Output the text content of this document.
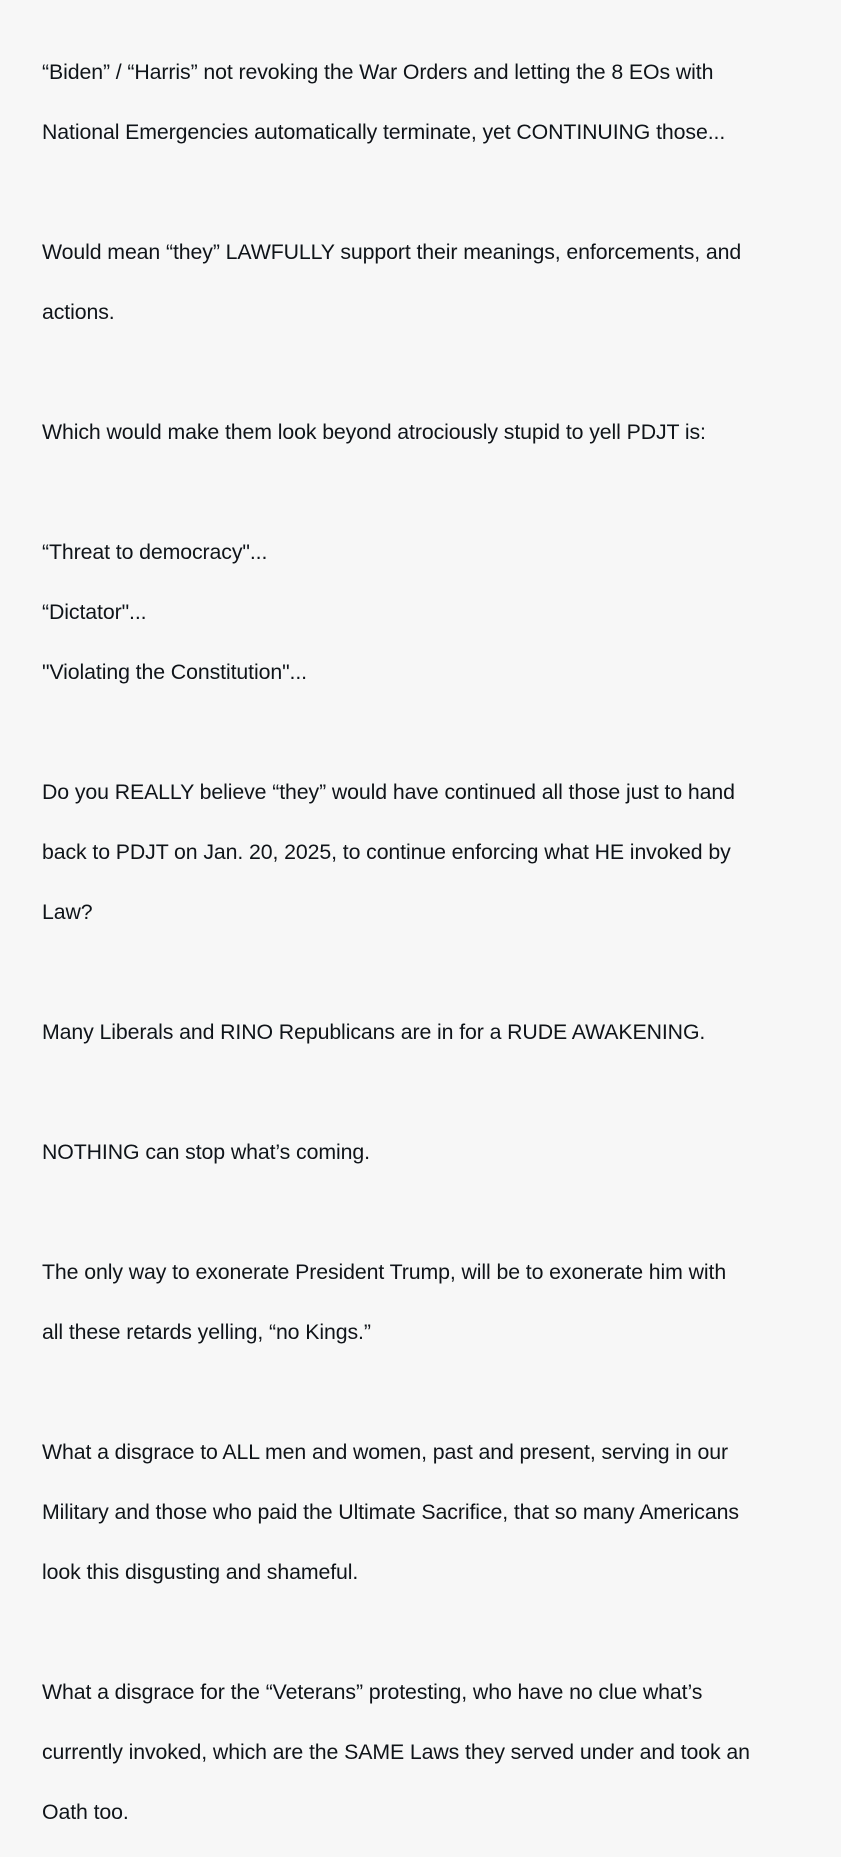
“Biden” / “Harris” not revoking the War Orders and letting the 8 EOs with

National Emergencies automatically terminate, yet CONTINUING those...

Would mean “they” LAWFULLY support their meanings, enforcements, and

actions.

Which would make them look beyond atrociously stupid to yell PDJT is:

“Threat to democracy"...

“Dictator"...

"Violating the Constitution"...

Do you REALLY believe “they” would have continued all those just to hand

back to PDJT on Jan. 20, 2025, to continue enforcing what HE invoked by

Law?

Many Liberals and RINO Republicans are in for a RUDE AWAKENING.

NOTHING can stop what’s coming.

The only way to exonerate President Trump, will be to exonerate him with

all these retards yelling, “no Kings.”

What a disgrace to ALL men and women, past and present, serving in our

Military and those who paid the Ultimate Sacrifice, that so many Americans

look this disgusting and shameful.

What a disgrace for the “Veterans” protesting, who have no clue what’s

currently invoked, which are the SAME Laws they served under and took an

Oath too.
